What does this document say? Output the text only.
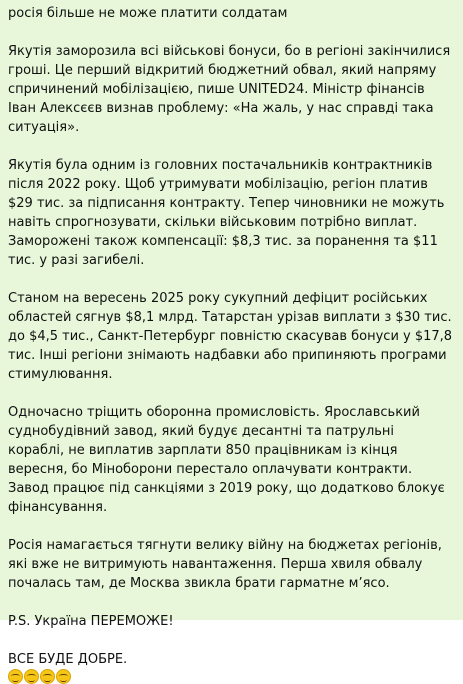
росія більше не може платити солдатам

Якутія заморозила всі військові бонуси, бо в регіоні закінчилися гроші. Це перший відкритий бюджетний обвал, який напряму спричинений мобілізацією, пише UNITED24. Міністр фінансів Іван Алексєєв визнав проблему: «На жаль, у нас справді така ситуація».

Якутія була одним із головних постачальників контрактників після 2022 року. Щоб утримувати мобілізацію, регіон платив $29 тис. за підписання контракту. Тепер чиновники не можуть навіть спрогнозувати, скільки військовим потрібно виплат. Заморожені також компенсації: $8,3 тис. за поранення та $11 тис. у разі загибелі.

Станом на вересень 2025 року сукупний дефіцит російських областей сягнув $8,1 млрд. Татарстан урізав виплати з $30 тис. до $4,5 тис., Санкт-Петербург повністю скасував бонуси у $17,8 тис. Інші регіони знімають надбавки або припиняють програми стимулювання.

Одночасно тріщить оборонна промисловість. Ярославський суднобудівний завод, який будує десантні та патрульні кораблі, не виплатив зарплати 850 працівникам із кінця вересня, бо Міноборони перестало оплачувати контракти. Завод працює під санкціями з 2019 року, що додатково блокує фінансування.

Росія намагається тягнути велику війну на бюджетах регіонів, які вже не витримують навантаження. Перша хвиля обвалу почалась там, де Москва звикла брати гарматне м’ясо.

P.S. Україна ПЕРЕМОЖЕ!

ВСЕ БУДЕ ДОБРЕ.
